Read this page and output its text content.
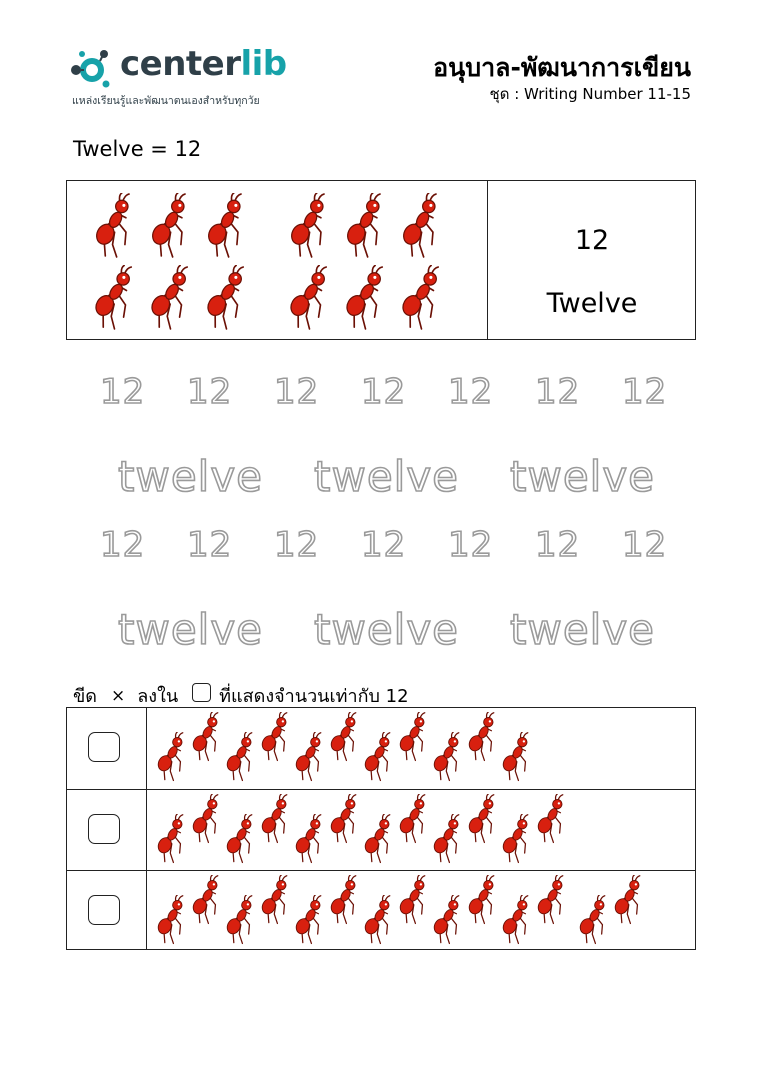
centerlib
แหล่งเรียนรู้และพัฒนาตนเองสำหรับทุกวัย
อนุบาล-พัฒนาการเขียน
ชุด : Writing Number 11-15
Twelve = 12
12
Twelve
12 12 12 12 12 12 12
twelve twelve twelve
12 12 12 12 12 12 12
twelve twelve twelve
ขีด × ลงใน ที่แสดงจำนวนเท่ากับ 12
